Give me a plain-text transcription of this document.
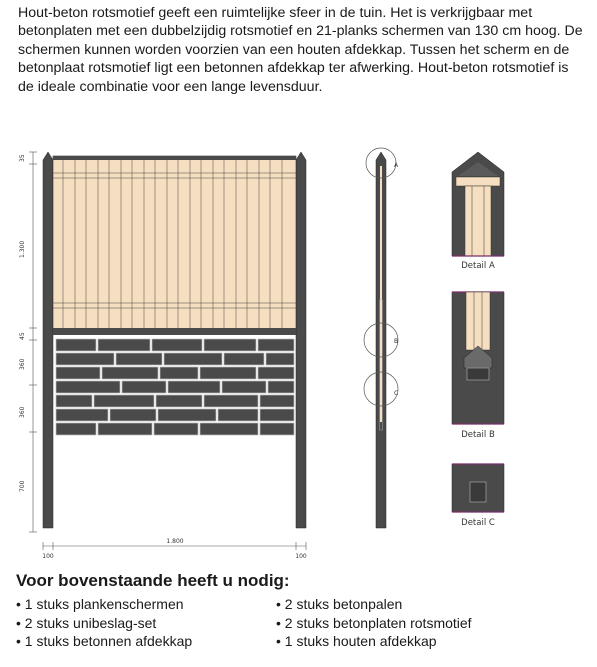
Hout-beton rotsmotief geeft een ruimtelijke sfeer in de tuin. Het is verkrijgbaar met betonplaten met een dubbelzijdig rotsmotief en 21-planks schermen van 130 cm hoog. De schermen kunnen worden voorzien van een houten afdekkap. Tussen het scherm en de betonplaat rotsmotief ligt een betonnen afdekkap ter afwerking. Hout-beton rotsmotief is de ideale combinatie voor een lange levensduur.

35
1.300
45
360
360
700
1.800
100	100
A
B
C
Detail A
Detail B
Detail C
Voor bovenstaande heeft u nodig:
• 1 stuks plankenschermen
• 2 stuks unibeslag-set
• 1 stuks betonnen afdekkap
• 2 stuks betonpalen
• 2 stuks betonplaten rotsmotief
• 1 stuks houten afdekkap
